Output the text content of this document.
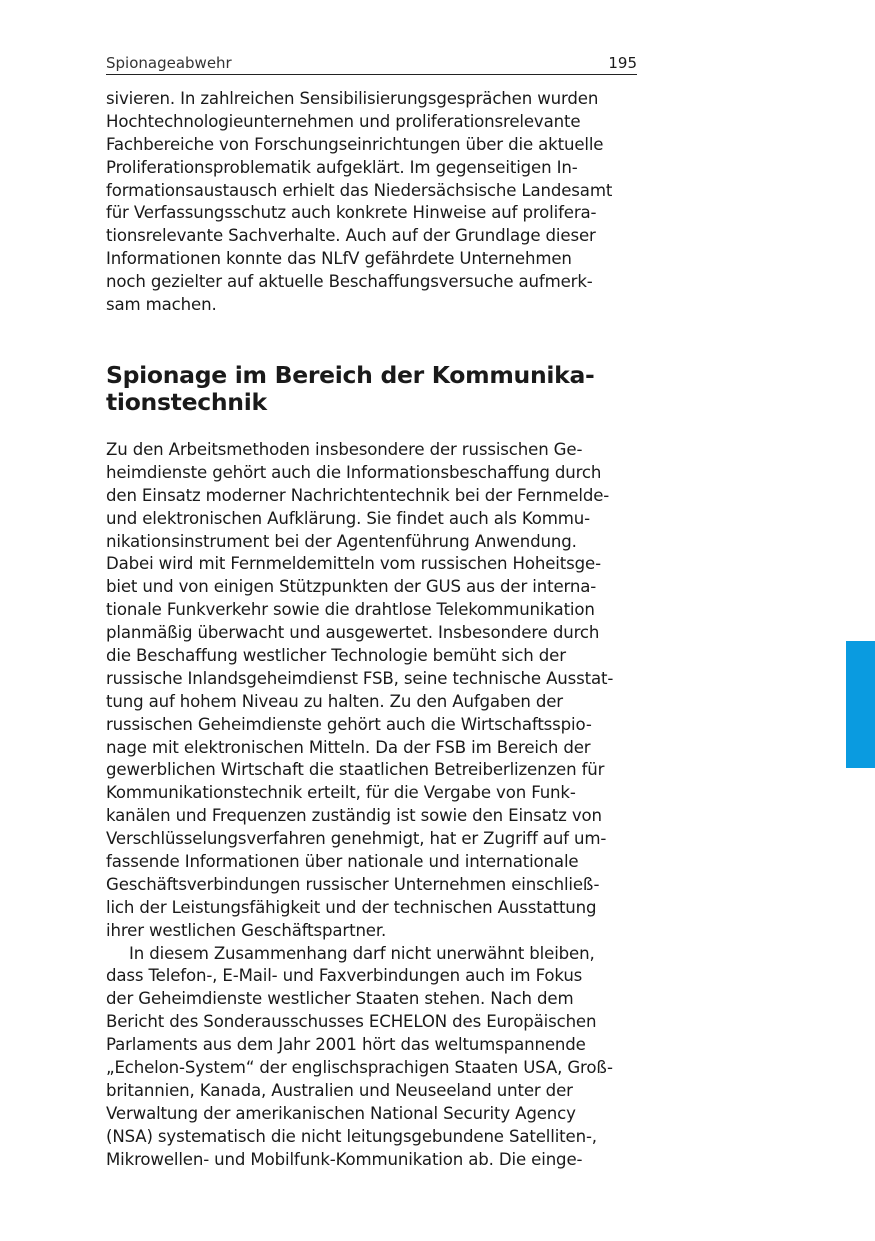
Spionageabwehr	195
sivieren. In zahlreichen Sensibilisierungsgesprächen wurden
Hochtechnologieunternehmen und proliferationsrelevante
Fachbereiche von Forschungseinrichtungen über die aktuelle
Proliferationsproblematik aufgeklärt. Im gegenseitigen In-
formationsaustausch erhielt das Niedersächsische Landesamt
für Verfassungsschutz auch konkrete Hinweise auf prolifera-
tionsrelevante Sachverhalte. Auch auf der Grundlage dieser
Informationen konnte das NLfV gefährdete Unternehmen
noch gezielter auf aktuelle Beschaffungsversuche aufmerk-
sam machen.
Spionage im Bereich der Kommunika-
tionstechnik
Zu den Arbeitsmethoden insbesondere der russischen Ge-
heimdienste gehört auch die Informationsbeschaffung durch
den Einsatz moderner Nachrichtentechnik bei der Fernmelde-
und elektronischen Aufklärung. Sie findet auch als Kommu-
nikationsinstrument bei der Agentenführung Anwendung.
Dabei wird mit Fernmeldemitteln vom russischen Hoheitsge-
biet und von einigen Stützpunkten der GUS aus der interna-
tionale Funkverkehr sowie die drahtlose Telekommunikation
planmäßig überwacht und ausgewertet. Insbesondere durch
die Beschaffung westlicher Technologie bemüht sich der
russische Inlandsgeheimdienst FSB, seine technische Ausstat-
tung auf hohem Niveau zu halten. Zu den Aufgaben der
russischen Geheimdienste gehört auch die Wirtschaftsspio-
nage mit elektronischen Mitteln. Da der FSB im Bereich der
gewerblichen Wirtschaft die staatlichen Betreiberlizenzen für
Kommunikationstechnik erteilt, für die Vergabe von Funk-
kanälen und Frequenzen zuständig ist sowie den Einsatz von
Verschlüsselungsverfahren genehmigt, hat er Zugriff auf um-
fassende Informationen über nationale und internationale
Geschäftsverbindungen russischer Unternehmen einschließ-
lich der Leistungsfähigkeit und der technischen Ausstattung
ihrer westlichen Geschäftspartner.
In diesem Zusammenhang darf nicht unerwähnt bleiben,
dass Telefon-, E-Mail- und Faxverbindungen auch im Fokus
der Geheimdienste westlicher Staaten stehen. Nach dem
Bericht des Sonderausschusses ECHELON des Europäischen
Parlaments aus dem Jahr 2001 hört das weltumspannende
„Echelon-System“ der englischsprachigen Staaten USA, Groß-
britannien, Kanada, Australien und Neuseeland unter der
Verwaltung der amerikanischen National Security Agency
(NSA) systematisch die nicht leitungsgebundene Satelliten-,
Mikrowellen- und Mobilfunk-Kommunikation ab. Die einge-
